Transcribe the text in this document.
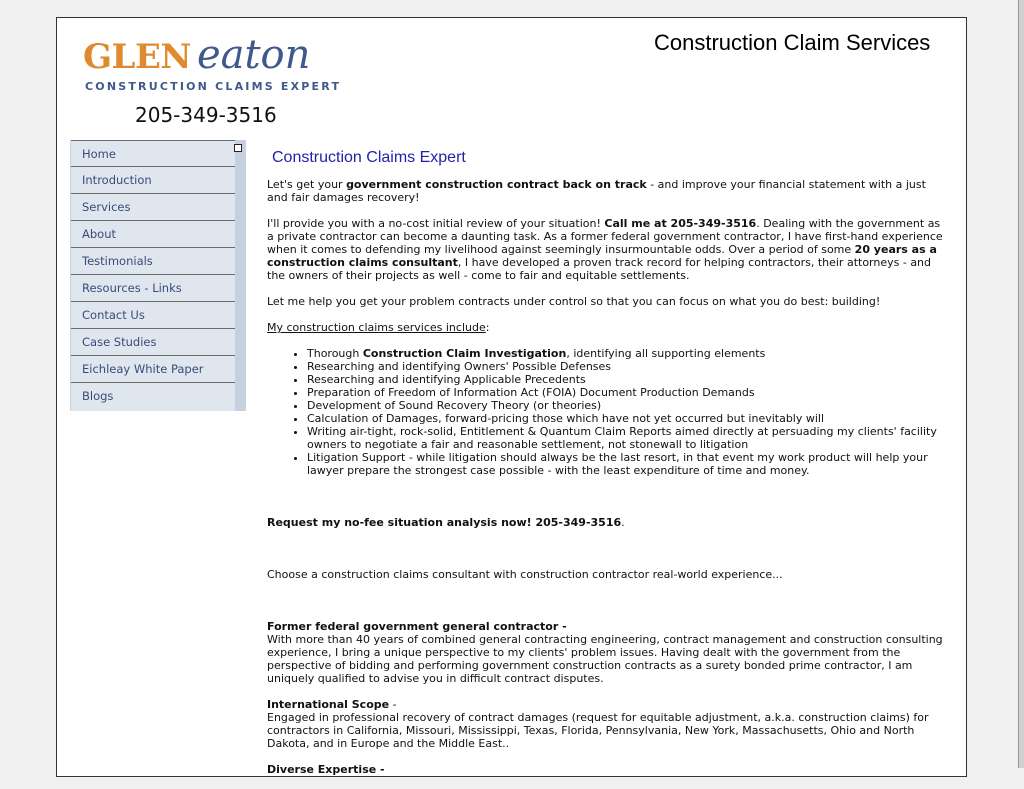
GLEN eaton
CONSTRUCTION CLAIMS EXPERT
205-349-3516
Construction Claim Services
Home
Introduction
Services
About
Testimonials
Resources - Links
Contact Us
Case Studies
Eichleay White Paper
Blogs
Construction Claims Expert

Let's get your government construction contract back on track - and improve your financial statement with a just and fair damages recovery!

I'll provide you with a no-cost initial review of your situation! Call me at 205-349-3516. Dealing with the government as a private contractor can become a daunting task. As a former federal government contractor, I have first-hand experience when it comes to defending my livelihood against seemingly insurmountable odds. Over a period of some 20 years as a construction claims consultant, I have developed a proven track record for helping contractors, their attorneys - and the owners of their projects as well - come to fair and equitable settlements.

Let me help you get your problem contracts under control so that you can focus on what you do best: building!

My construction claims services include:

• Thorough Construction Claim Investigation, identifying all supporting elements
• Researching and identifying Owners' Possible Defenses
• Researching and identifying Applicable Precedents
• Preparation of Freedom of Information Act (FOIA) Document Production Demands
• Development of Sound Recovery Theory (or theories)
• Calculation of Damages, forward-pricing those which have not yet occurred but inevitably will
• Writing air-tight, rock-solid, Entitlement & Quantum Claim Reports aimed directly at persuading my clients' facility owners to negotiate a fair and reasonable settlement, not stonewall to litigation
• Litigation Support - while litigation should always be the last resort, in that event my work product will help your lawyer prepare the strongest case possible - with the least expenditure of time and money.

Request my no-fee situation analysis now! 205-349-3516.

Choose a construction claims consultant with construction contractor real-world experience...

Former federal government general contractor -
With more than 40 years of combined general contracting engineering, contract management and construction consulting experience, I bring a unique perspective to my clients' problem issues. Having dealt with the government from the perspective of bidding and performing government construction contracts as a surety bonded prime contractor, I am uniquely qualified to advise you in difficult contract disputes.

International Scope -
Engaged in professional recovery of contract damages (request for equitable adjustment, a.k.a. construction claims) for contractors in California, Missouri, Mississippi, Texas, Florida, Pennsylvania, New York, Massachusetts, Ohio and North Dakota, and in Europe and the Middle East..

Diverse Expertise -
